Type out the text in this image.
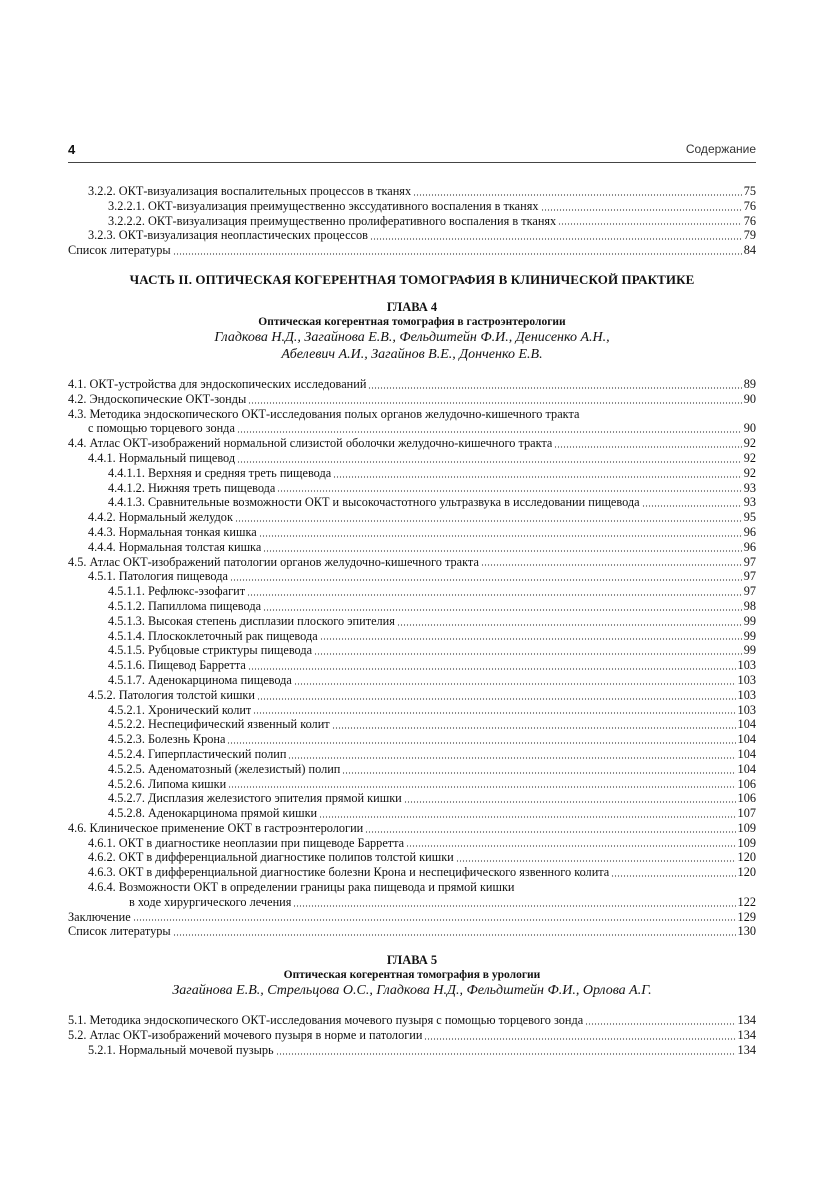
4	Содержание
3.2.2. ОКТ-визуализация воспалительных процессов в тканях	75
3.2.2.1. ОКТ-визуализация преимущественно экссудативного воспаления в тканях	76
3.2.2.2. ОКТ-визуализация преимущественно пролиферативного воспаления в тканях	76
3.2.3. ОКТ-визуализация неопластических процессов	79
Список литературы	84
ЧАСТЬ II. ОПТИЧЕСКАЯ КОГЕРЕНТНАЯ ТОМОГРАФИЯ В КЛИНИЧЕСКОЙ ПРАКТИКЕ
ГЛАВА 4
Оптическая когерентная томография в гастроэнтерологии
Гладкова Н.Д., Загайнова Е.В., Фельдштейн Ф.И., Денисенко А.Н.,
Абелевич А.И., Загайнов В.Е., Донченко Е.В.
4.1. ОКТ-устройства для эндоскопических исследований	89
4.2. Эндоскопические ОКТ-зонды	90
4.3. Методика эндоскопического ОКТ-исследования полых органов желудочно-кишечного тракта
с помощью торцевого зонда	90
4.4. Атлас ОКТ-изображений нормальной слизистой оболочки желудочно-кишечного тракта	92
4.4.1. Нормальный пищевод	92
4.4.1.1. Верхняя и средняя треть пищевода	92
4.4.1.2. Нижняя треть пищевода	93
4.4.1.3. Сравнительные возможности ОКТ и высокочастотного ультразвука в исследовании пищевода	93
4.4.2. Нормальный желудок	95
4.4.3. Нормальная тонкая кишка	96
4.4.4. Нормальная толстая кишка	96
4.5. Атлас ОКТ-изображений патологии органов желудочно-кишечного тракта	97
4.5.1. Патология пищевода	97
4.5.1.1. Рефлюкс-эзофагит	97
4.5.1.2. Папиллома пищевода	98
4.5.1.3. Высокая степень дисплазии плоского эпителия	99
4.5.1.4. Плоскоклеточный рак пищевода	99
4.5.1.5. Рубцовые стриктуры пищевода	99
4.5.1.6. Пищевод Барретта	103
4.5.1.7. Аденокарцинома пищевода	103
4.5.2. Патология толстой кишки	103
4.5.2.1. Хронический колит	103
4.5.2.2. Неспецифический язвенный колит	104
4.5.2.3. Болезнь Крона	104
4.5.2.4. Гиперпластический полип	104
4.5.2.5. Аденоматозный (железистый) полип	104
4.5.2.6. Липома кишки	106
4.5.2.7. Дисплазия железистого эпителия прямой кишки	106
4.5.2.8. Аденокарцинома прямой кишки	107
4.6. Клиническое применение ОКТ в гастроэнтерологии	109
4.6.1. ОКТ в диагностике неоплазии при пищеводе Барретта	109
4.6.2. ОКТ в дифференциальной диагностике полипов толстой кишки	120
4.6.3. ОКТ в дифференциальной диагностике болезни Крона и неспецифического язвенного колита	120
4.6.4. Возможности ОКТ в определении границы рака пищевода и прямой кишки
в ходе хирургического лечения	122
Заключение	129
Список литературы	130
ГЛАВА 5
Оптическая когерентная томография в урологии
Загайнова Е.В., Стрельцова О.С., Гладкова Н.Д., Фельдштейн Ф.И., Орлова А.Г.
5.1. Методика эндоскопического ОКТ-исследования мочевого пузыря с помощью торцевого зонда	134
5.2. Атлас ОКТ-изображений мочевого пузыря в норме и патологии	134
5.2.1. Нормальный мочевой пузырь	134
